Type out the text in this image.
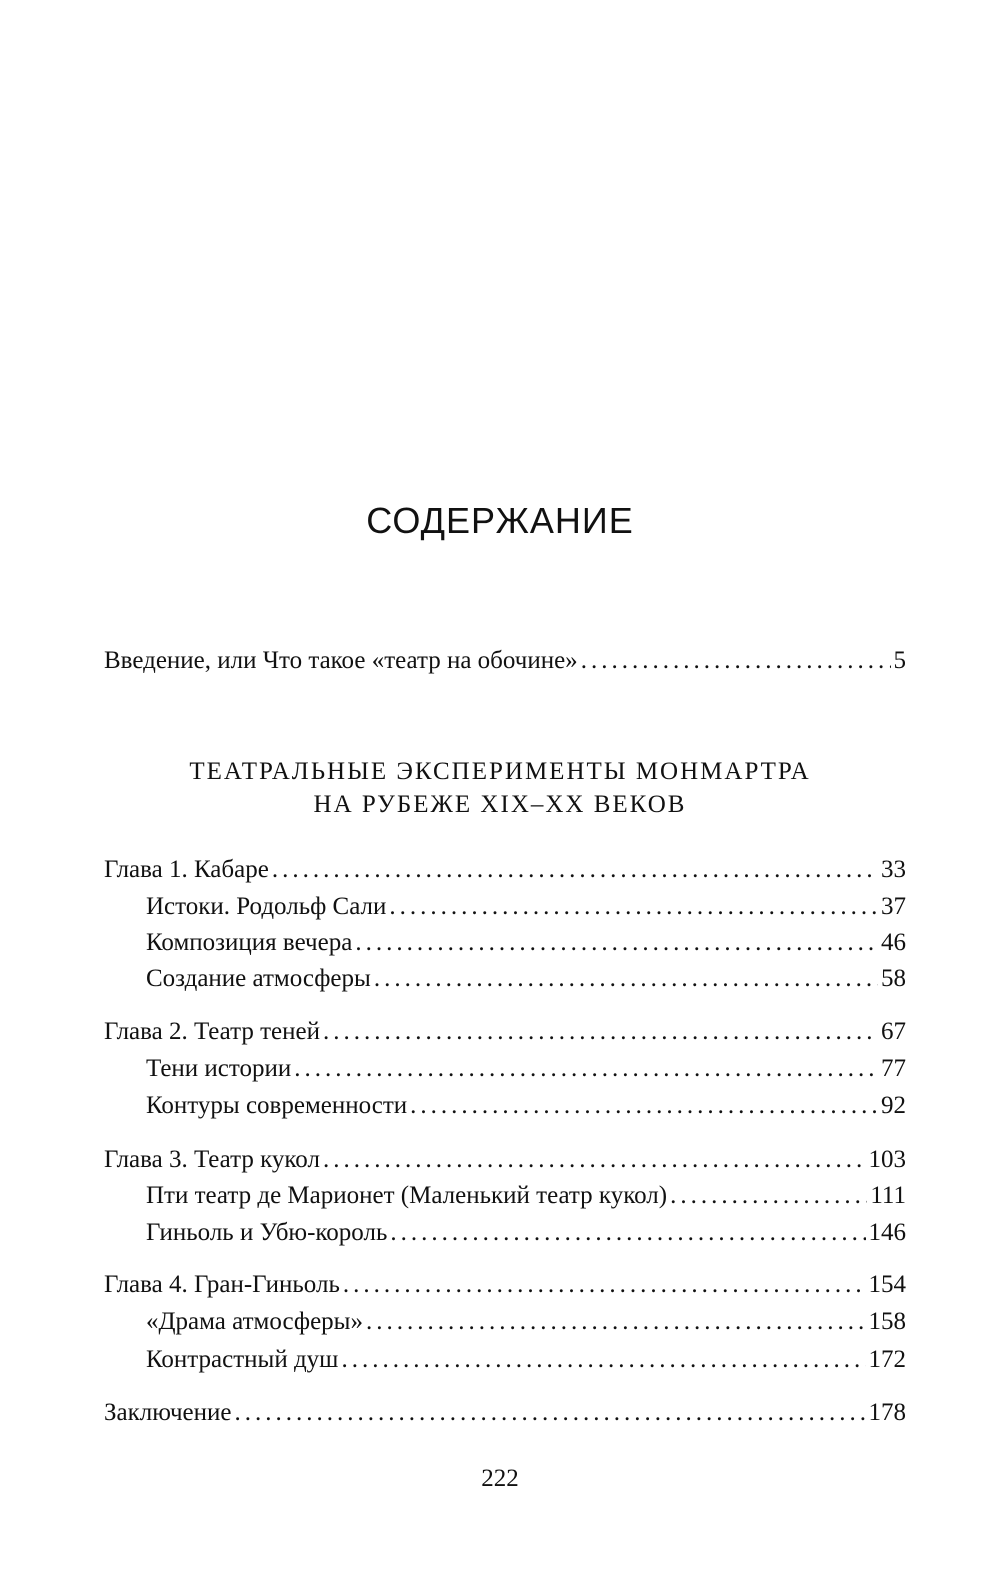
СОДЕРЖАНИЕ
Введение, или Что такое «театр на обочине» .....	5
ТЕАТРАЛЬНЫЕ ЭКСПЕРИМЕНТЫ МОНМАРТРА
НА РУБЕЖЕ XIX–XX ВЕКОВ
Глава 1. Кабаре .....	33
Истоки. Родольф Сали .....	37
Композиция вечера .....	46
Создание атмосферы .....	58
Глава 2. Театр теней .....	67
Тени истории .....	77
Контуры современности .....	92
Глава 3. Театр кукол .....	103
Пти театр де Марионет (Маленький театр кукол) .....	111
Гиньоль и Убю-король .....	146
Глава 4. Гран-Гиньоль .....	154
«Драма атмосферы» .....	158
Контрастный душ .....	172
Заключение .....	178
222
